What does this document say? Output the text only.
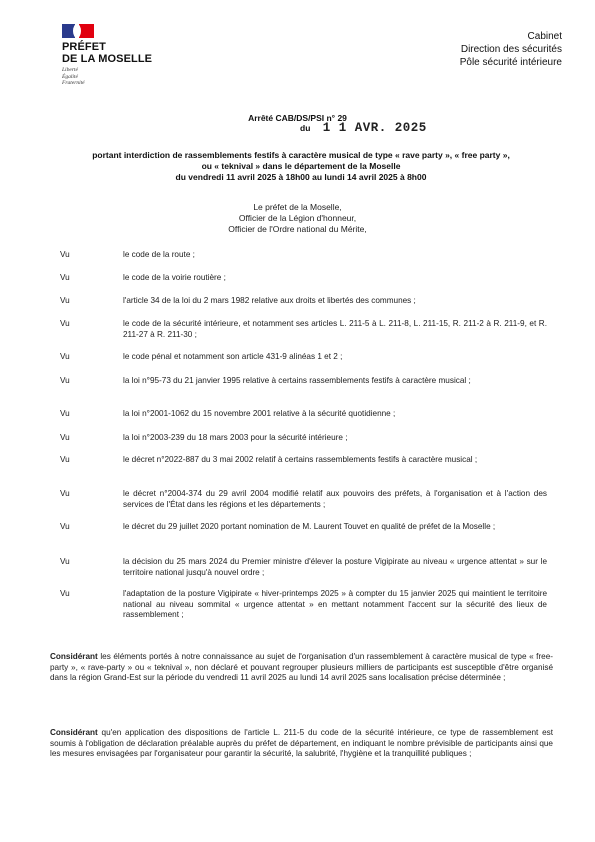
PRÉFET
DE LA MOSELLE
Liberté
Égalité
Fraternité
Cabinet
Direction des sécurités
Pôle sécurité intérieure
Arrêté CAB/DS/PSI n° 29
du 1 1 AVR. 2025
portant interdiction de rassemblements festifs à caractère musical de type « rave party », « free party »,
ou « teknival » dans le département de la Moselle
du vendredi 11 avril 2025 à 18h00 au lundi 14 avril 2025 à 8h00
Le préfet de la Moselle,
Officier de la Légion d'honneur,
Officier de l'Ordre national du Mérite,
Vu	le code de la route ;
Vu	le code de la voirie routière ;
Vu	l'article 34 de la loi du 2 mars 1982 relative aux droits et libertés des communes ;
Vu	le code de la sécurité intérieure, et notamment ses articles L. 211-5 à L. 211-8, L. 211-15, R. 211-2 à R. 211-9, et R. 211-27 à R. 211-30 ;
Vu	le code pénal et notamment son article 431-9 alinéas 1 et 2 ;
Vu	la loi n°95-73 du 21 janvier 1995 relative à certains rassemblements festifs à caractère musical ;
Vu	la loi n°2001-1062 du 15 novembre 2001 relative à la sécurité quotidienne ;
Vu	la loi n°2003-239 du 18 mars 2003 pour la sécurité intérieure ;
Vu	le décret n°2022-887 du 3 mai 2002 relatif à certains rassemblements festifs à caractère musical ;
Vu	le décret n°2004-374 du 29 avril 2004 modifié relatif aux pouvoirs des préfets, à l'organisation et à l'action des services de l'État dans les régions et les départements ;
Vu	le décret du 29 juillet 2020 portant nomination de M. Laurent Touvet en qualité de préfet de la Moselle ;
Vu	la décision du 25 mars 2024 du Premier ministre d'élever la posture Vigipirate au niveau « urgence attentat » sur le territoire national jusqu'à nouvel ordre ;
Vu	l'adaptation de la posture Vigipirate « hiver-printemps 2025 » à compter du 15 janvier 2025 qui maintient le territoire national au niveau sommital « urgence attentat » en mettant notamment l'accent sur la sécurité des lieux de rassemblement ;
Considérant les éléments portés à notre connaissance au sujet de l'organisation d'un rassemblement à caractère musical de type « free-party », « rave-party » ou « teknival », non déclaré et pouvant regrouper plusieurs milliers de participants est susceptible d'être organisé dans la région Grand-Est sur la période du vendredi 11 avril 2025 au lundi 14 avril 2025 sans localisation précise déterminée ;
Considérant qu'en application des dispositions de l'article L. 211-5 du code de la sécurité intérieure, ce type de rassemblement est soumis à l'obligation de déclaration préalable auprès du préfet de département, en indiquant le nombre prévisible de participants ainsi que les mesures envisagées par l'organisateur pour garantir la sécurité, la salubrité, l'hygiène et la tranquillité publiques ;
